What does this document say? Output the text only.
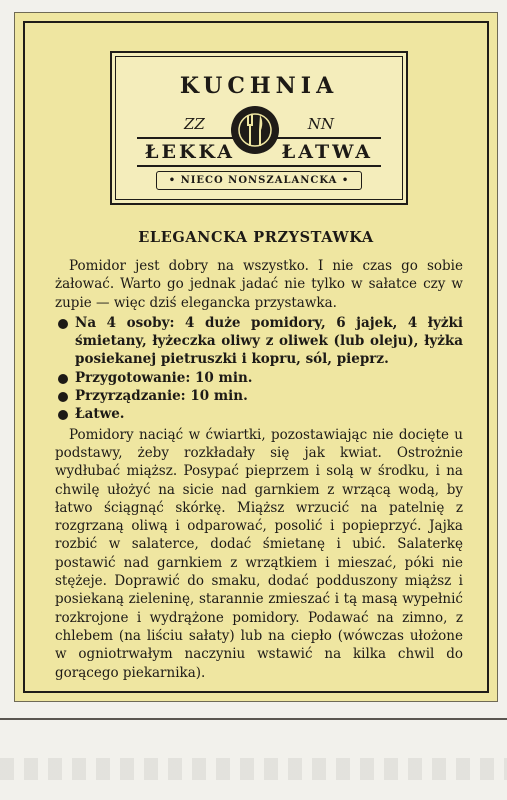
KUCHNIA
ZZ	NN
ŁEKKA ŁATWA
• NIECO NONSZALANCKA •
ELEGANCKA PRZYSTAWKA

Pomidor jest dobry na wszystko. I nie czas go sobie żałować. Warto go jednak jadać nie tylko w sałatce czy w zupie — więc dziś elegancka przystawka.

Na 4 osoby: 4 duże pomidory, 6 jajek, 4 łyżki śmietany, łyżeczka oliwy z oliwek (lub oleju), łyżka posiekanej pietruszki i kopru, sól, pieprz.
Przygotowanie: 10 min.
Przyrządzanie: 10 min.
Łatwe.

Pomidory naciąć w ćwiartki, pozostawiając nie docięte u podstawy, żeby rozkładały się jak kwiat. Ostrożnie wydłubać miąższ. Posypać pieprzem i solą w środku, i na chwilę ułożyć na sicie nad garnkiem z wrzącą wodą, by łatwo ściągnąć skórkę. Miąższ wrzucić na patelnię z rozgrzaną oliwą i odparować, posolić i popieprzyć. Jajka rozbić w salaterce, dodać śmietanę i ubić. Salaterkę postawić nad garnkiem z wrzątkiem i mieszać, póki nie stężeje. Doprawić do smaku, dodać podduszony miąższ i posiekaną zieleninę, starannie zmieszać i tą masą wypełnić rozkrojone i wydrążone pomidory. Podawać na zimno, z chlebem (na liściu sałaty) lub na ciepło (wówczas ułożone w ogniotrwałym naczyniu wstawić na kilka chwil do gorącego piekarnika).
